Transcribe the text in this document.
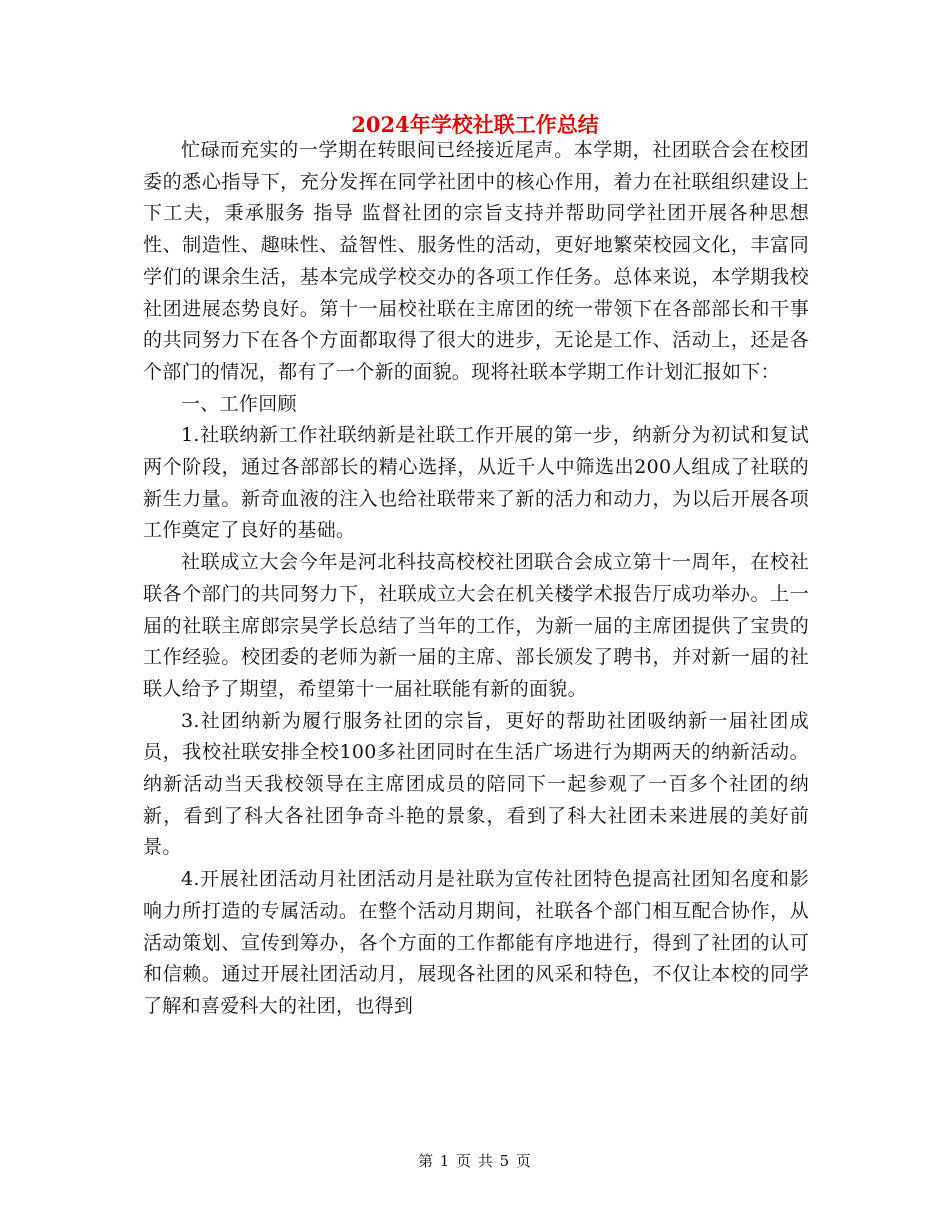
2024年学校社联工作总结

忙碌而充实的一学期在转眼间已经接近尾声。本学期，社团联合会在校团委的悉心指导下，充分发挥在同学社团中的核心作用，着力在社联组织建设上下工夫，秉承服务 指导 监督社团的宗旨支持并帮助同学社团开展各种思想性、制造性、趣味性、益智性、服务性的活动，更好地繁荣校园文化，丰富同学们的课余生活，基本完成学校交办的各项工作任务。总体来说，本学期我校社团进展态势良好。第十一届校社联在主席团的统一带领下在各部部长和干事的共同努力下在各个方面都取得了很大的进步，无论是工作、活动上，还是各个部门的情况，都有了一个新的面貌。现将社联本学期工作计划汇报如下：

一、工作回顾

1.社联纳新工作社联纳新是社联工作开展的第一步，纳新分为初试和复试两个阶段，通过各部部长的精心选择，从近千人中筛选出200人组成了社联的新生力量。新奇血液的注入也给社联带来了新的活力和动力，为以后开展各项工作奠定了良好的基础。

社联成立大会今年是河北科技高校校社团联合会成立第十一周年，在校社联各个部门的共同努力下，社联成立大会在机关楼学术报告厅成功举办。上一届的社联主席郎宗昊学长总结了当年的工作，为新一届的主席团提供了宝贵的工作经验。校团委的老师为新一届的主席、部长颁发了聘书，并对新一届的社联人给予了期望，希望第十一届社联能有新的面貌。

3.社团纳新为履行服务社团的宗旨，更好的帮助社团吸纳新一届社团成员，我校社联安排全校100多社团同时在生活广场进行为期两天的纳新活动。纳新活动当天我校领导在主席团成员的陪同下一起参观了一百多个社团的纳新，看到了科大各社团争奇斗艳的景象，看到了科大社团未来进展的美好前景。

4.开展社团活动月社团活动月是社联为宣传社团特色提高社团知名度和影响力所打造的专属活动。在整个活动月期间，社联各个部门相互配合协作，从活动策划、宣传到筹办，各个方面的工作都能有序地进行，得到了社团的认可和信赖。通过开展社团活动月，展现各社团的风采和特色，不仅让本校的同学了解和喜爱科大的社团，也得到

第 1 页 共 5 页
